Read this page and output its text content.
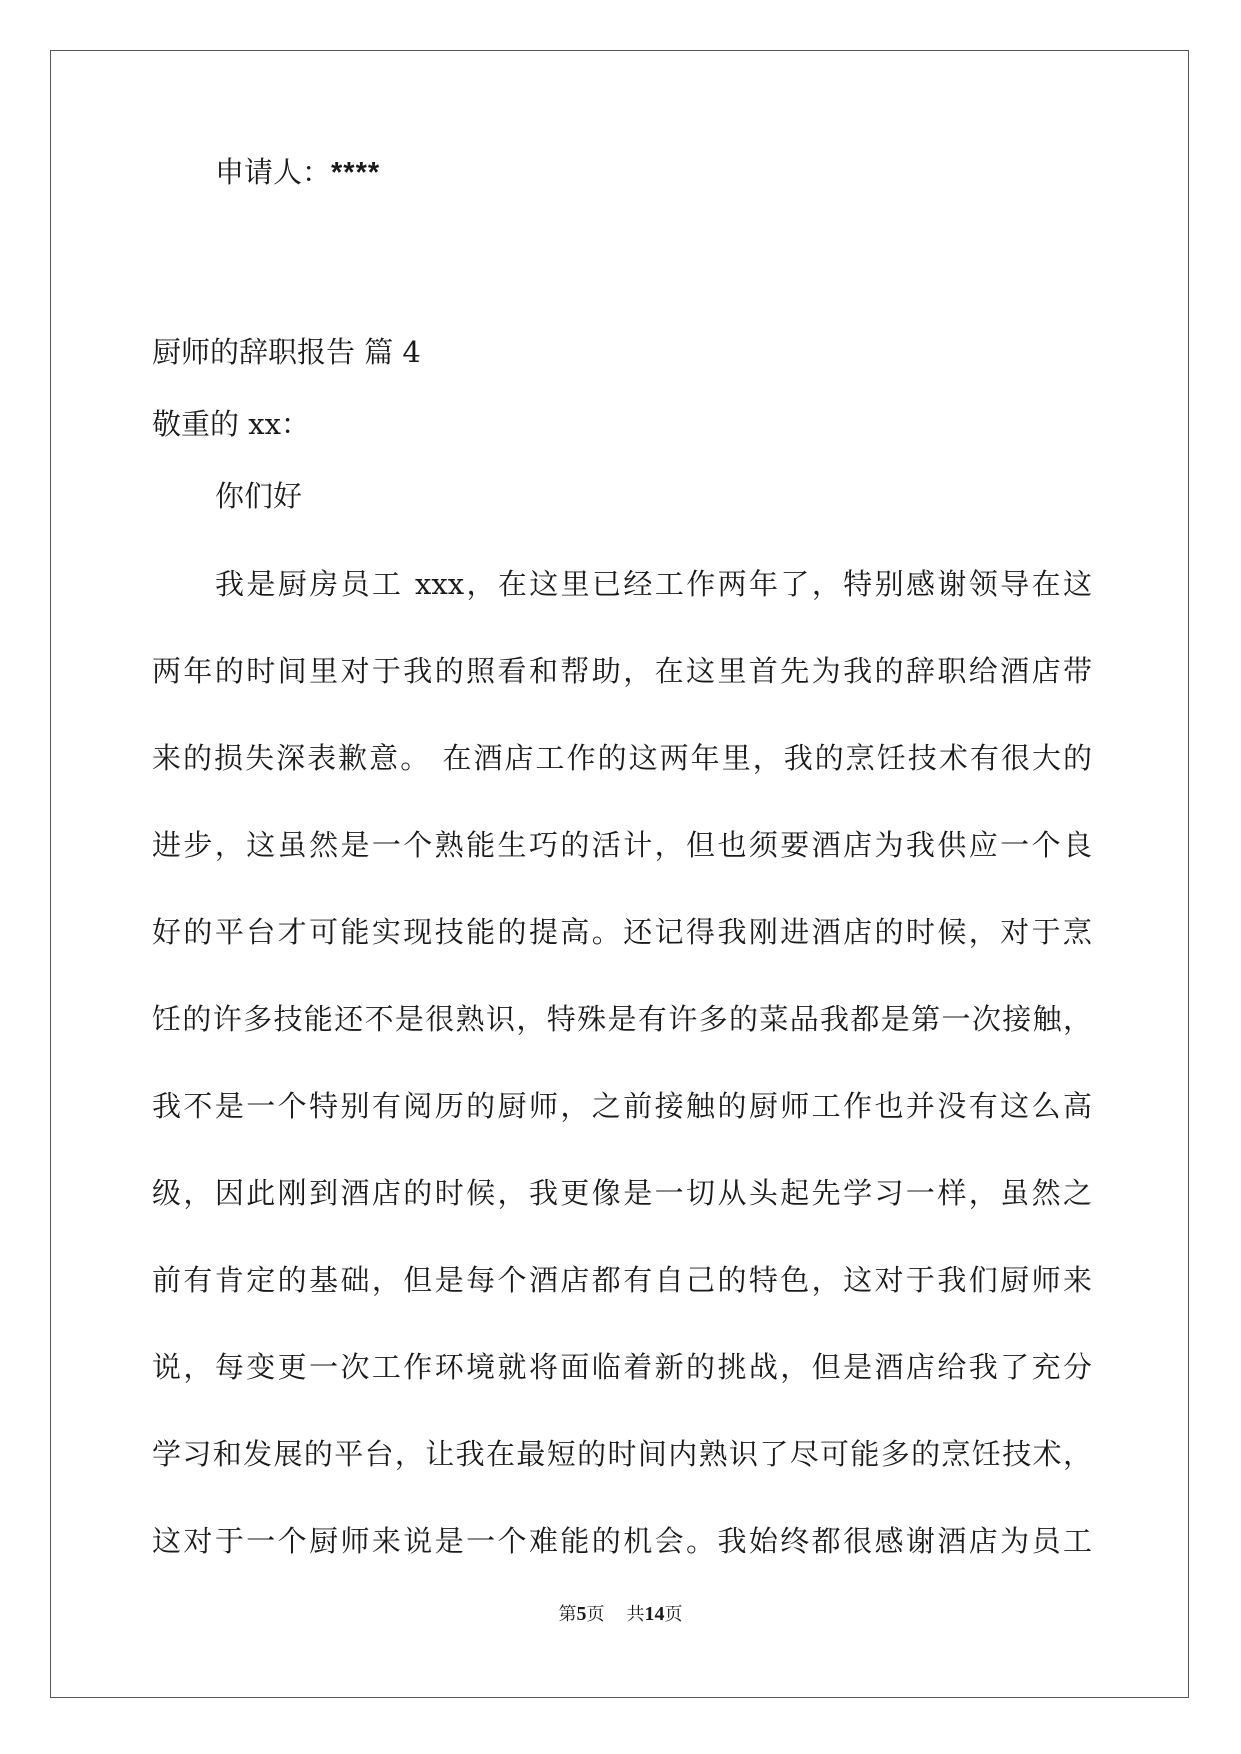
申请人：****
厨师的辞职报告 篇 4
敬重的 xx：
你们好
我是厨房员工 xxx，在这里已经工作两年了，特别感谢领导在这
两年的时间里对于我的照看和帮助，在这里首先为我的辞职给酒店带
来的损失深表歉意。 在酒店工作的这两年里，我的烹饪技术有很大的
进步，这虽然是一个熟能生巧的活计，但也须要酒店为我供应一个良
好的平台才可能实现技能的提高。还记得我刚进酒店的时候，对于烹
饪的许多技能还不是很熟识，特殊是有许多的菜品我都是第一次接触，
我不是一个特别有阅历的厨师，之前接触的厨师工作也并没有这么高
级，因此刚到酒店的时候，我更像是一切从头起先学习一样，虽然之
前有肯定的基础，但是每个酒店都有自己的特色，这对于我们厨师来
说，每变更一次工作环境就将面临着新的挑战，但是酒店给我了充分
学习和发展的平台，让我在最短的时间内熟识了尽可能多的烹饪技术，
这对于一个厨师来说是一个难能的机会。我始终都很感谢酒店为员工
第5页 共14页
